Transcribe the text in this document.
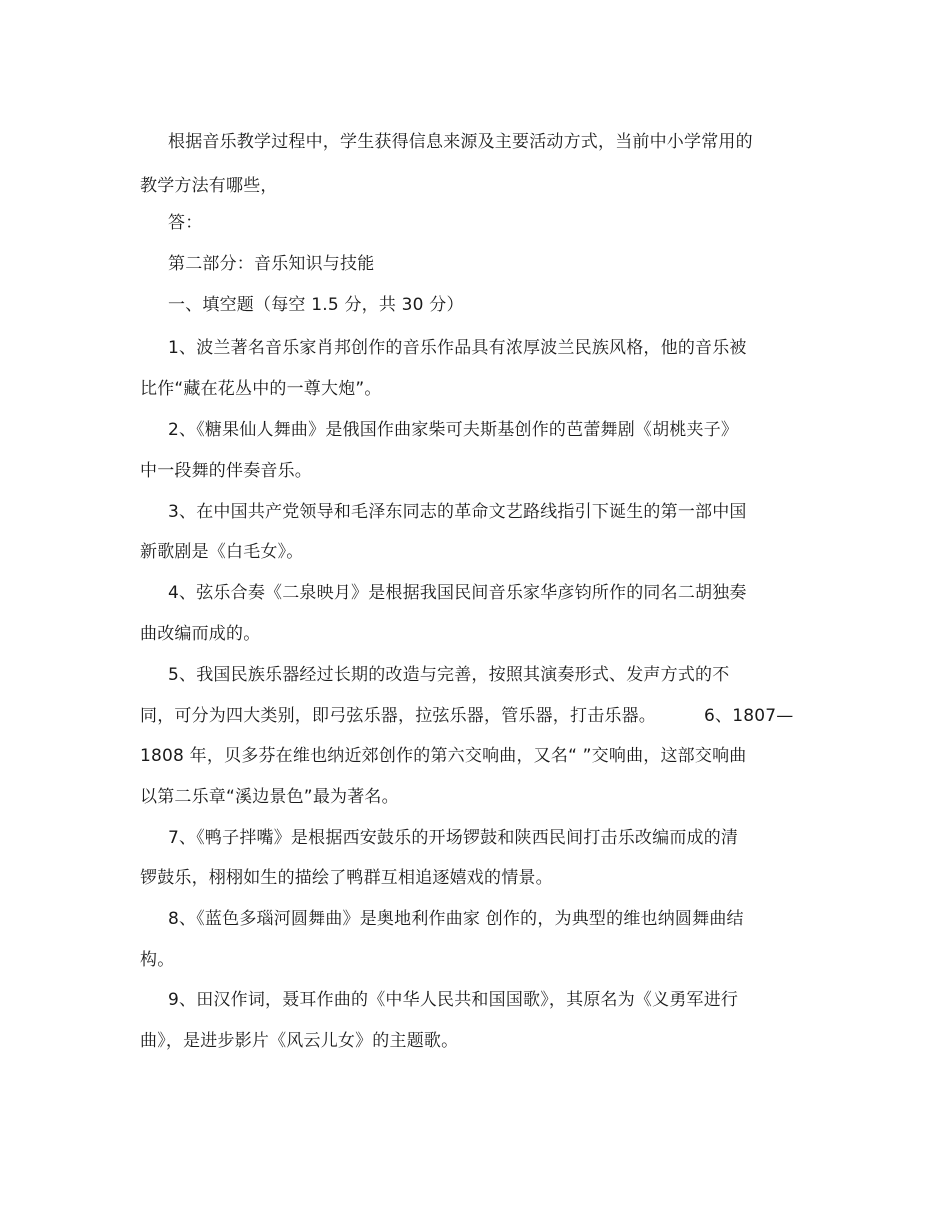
根据音乐教学过程中，学生获得信息来源及主要活动方式，当前中小学常用的
教学方法有哪些，
答：
第二部分：音乐知识与技能
一、填空题（每空 1.5 分，共 30 分）
1、波兰著名音乐家肖邦创作的音乐作品具有浓厚波兰民族风格，他的音乐被
比作“藏在花丛中的一尊大炮”。
2、《糖果仙人舞曲》是俄国作曲家柴可夫斯基创作的芭蕾舞剧《胡桃夹子》
中一段舞的伴奏音乐。
3、在中国共产党领导和毛泽东同志的革命文艺路线指引下诞生的第一部中国
新歌剧是《白毛女》。
4、弦乐合奏《二泉映月》是根据我国民间音乐家华彦钧所作的同名二胡独奏
曲改编而成的。
5、我国民族乐器经过长期的改造与完善，按照其演奏形式、发声方式的不
同，可分为四大类别，即弓弦乐器，拉弦乐器，管乐器，打击乐器。	6、1807—
1808 年，贝多芬在维也纳近郊创作的第六交响曲，又名“ ”交响曲，这部交响曲
以第二乐章“溪边景色”最为著名。
7、《鸭子拌嘴》是根据西安鼓乐的开场锣鼓和陕西民间打击乐改编而成的清
锣鼓乐，栩栩如生的描绘了鸭群互相追逐嬉戏的情景。
8、《蓝色多瑙河圆舞曲》是奥地利作曲家 创作的，为典型的维也纳圆舞曲结
构。
9、田汉作词，聂耳作曲的《中华人民共和国国歌》，其原名为《义勇军进行
曲》，是进步影片《风云儿女》的主题歌。
